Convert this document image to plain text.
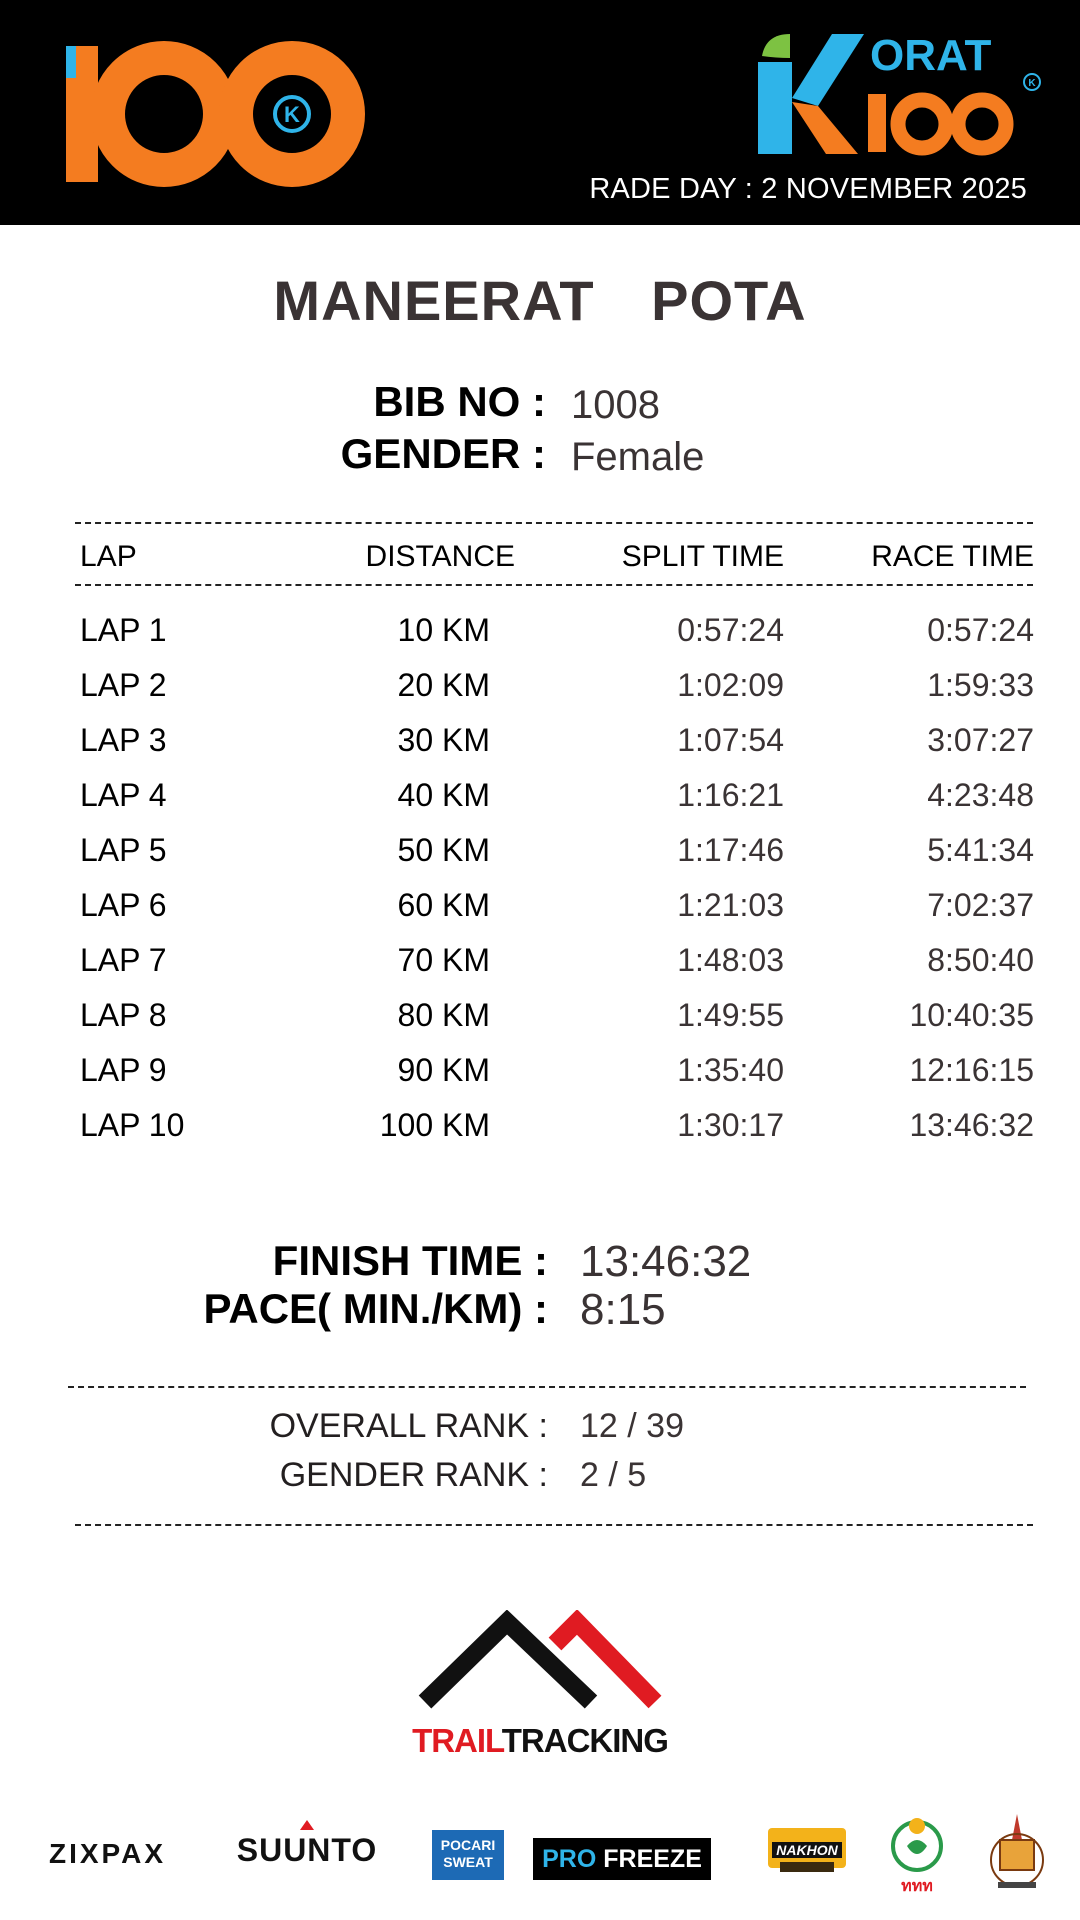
K
ORAT
K
RADE DAY : 2 NOVEMBER 2025
MANEERAT POTA
BIB NO : 1008
GENDER : Female
LAP	DISTANCE	SPLIT TIME	RACE TIME
LAP 1	10 KM	0:57:24	0:57:24
LAP 2	20 KM	1:02:09	1:59:33
LAP 3	30 KM	1:07:54	3:07:27
LAP 4	40 KM	1:16:21	4:23:48
LAP 5	50 KM	1:17:46	5:41:34
LAP 6	60 KM	1:21:03	7:02:37
LAP 7	70 KM	1:48:03	8:50:40
LAP 8	80 KM	1:49:55	10:40:35
LAP 9	90 KM	1:35:40	12:16:15
LAP 10	100 KM	1:30:17	13:46:32
FINISH TIME : 13:46:32
PACE( MIN./KM) : 8:15
OVERALL RANK : 12 / 39
GENDER RANK : 2 / 5
TRAILTRACKING
ZIXPAX SUUNTO	POCARI
SWEAT	PRO FREEZE	NAKHON
ททท
